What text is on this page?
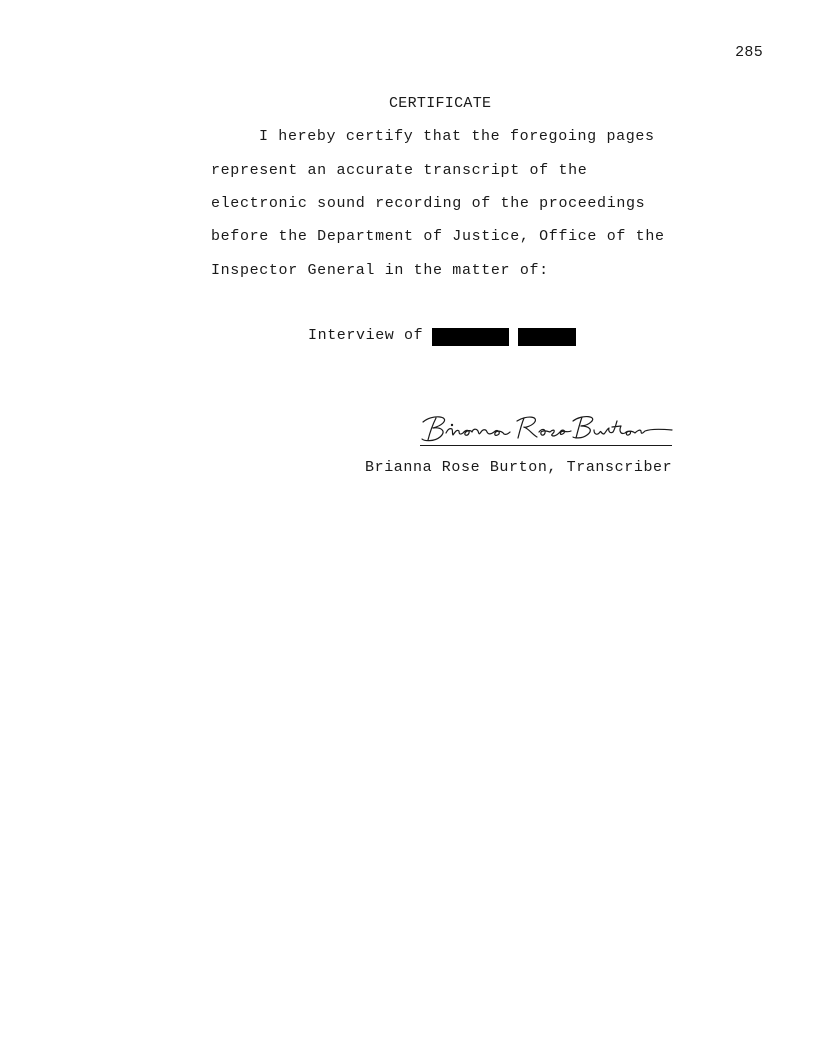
285
CERTIFICATE
I hereby certify that the foregoing pages
represent an accurate transcript of the
electronic sound recording of the proceedings
before the Department of Justice, Office of the
Inspector General in the matter of:
Interview of
Brianna Rose Burton, Transcriber
